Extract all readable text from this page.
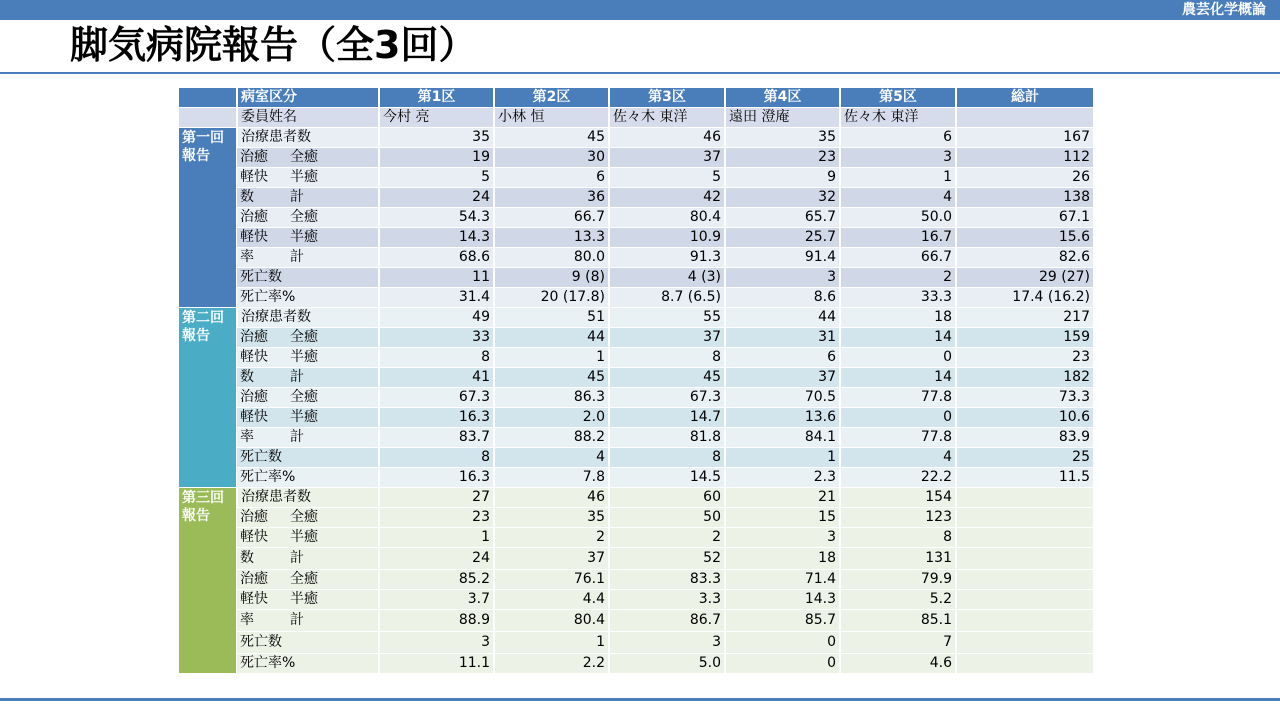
農芸化学概論
脚気病院報告（全3回）
	病室区分	第1区	第2区	第3区	第4区	第5区	総計
	委員姓名	今村 亮	小林 恒	佐々木 東洋	遠田 澄庵	佐々木 東洋	

第一回
報告	治療患者数	35	45	46	35	6	167
	治癒 全癒	19	30	37	23	3	112
	軽快 半癒	5	6	5	9	1	26
	数 計	24	36	42	32	4	138
	治癒 全癒	54.3	66.7	80.4	65.7	50.0	67.1
	軽快 半癒	14.3	13.3	10.9	25.7	16.7	15.6
	率 計	68.6	80.0	91.3	91.4	66.7	82.6
	死亡数	11	9 (8)	4 (3)	3	2	29 (27)
	死亡率%	31.4	20 (17.8)	8.7 (6.5)	8.6	33.3	17.4 (16.2)

第二回
報告	治療患者数	49	51	55	44	18	217
	治癒 全癒	33	44	37	31	14	159
	軽快 半癒	8	1	8	6	0	23
	数 計	41	45	45	37	14	182
	治癒 全癒	67.3	86.3	67.3	70.5	77.8	73.3
	軽快 半癒	16.3	2.0	14.7	13.6	0	10.6
	率 計	83.7	88.2	81.8	84.1	77.8	83.9
	死亡数	8	4	8	1	4	25
	死亡率%	16.3	7.8	14.5	2.3	22.2	11.5

第三回
報告	治療患者数	27	46	60	21	154	
	治癒 全癒	23	35	50	15	123	
	軽快 半癒	1	2	2	3	8	
	数 計	24	37	52	18	131	
	治癒 全癒	85.2	76.1	83.3	71.4	79.9	
	軽快 半癒	3.7	4.4	3.3	14.3	5.2	
	率 計	88.9	80.4	86.7	85.7	85.1	
	死亡数	3	1	3	0	7	
	死亡率%	11.1	2.2	5.0	0	4.6	
